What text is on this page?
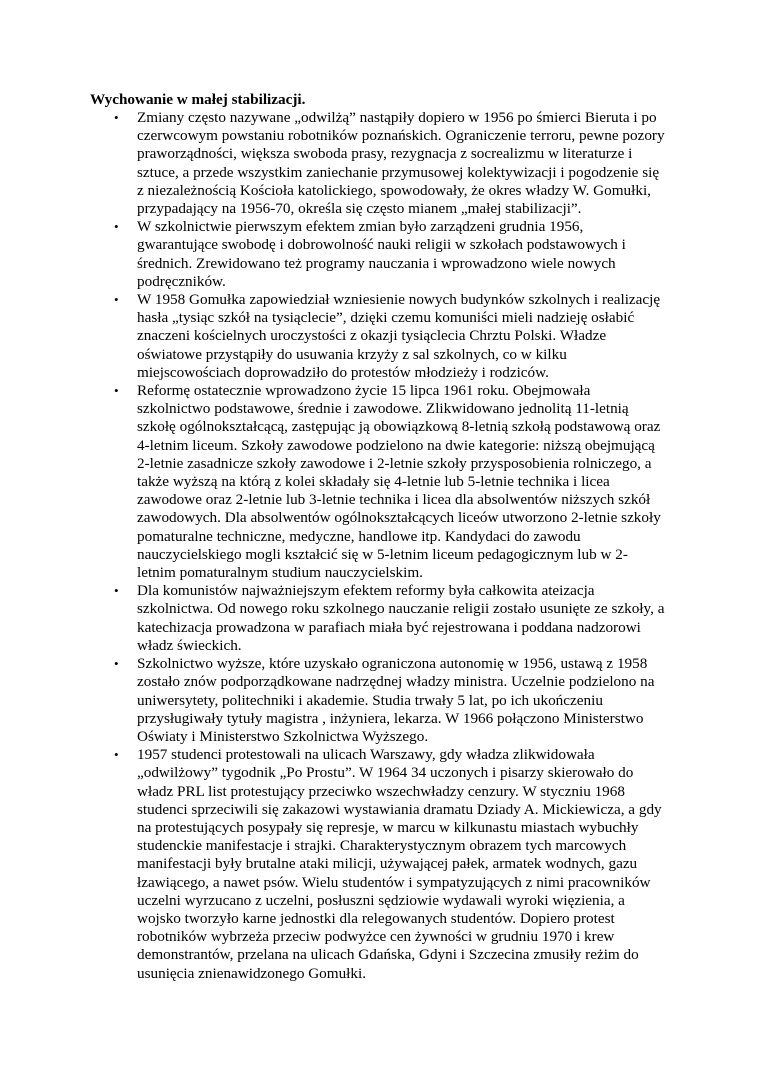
Wychowanie w małej stabilizacji.
• Zmiany często nazywane „odwilżą” nastąpiły dopiero w 1956 po śmierci Bieruta i po
czerwcowym powstaniu robotników poznańskich. Ograniczenie terroru, pewne pozory
praworządności, większa swoboda prasy, rezygnacja z socrealizmu w literaturze i
sztuce, a przede wszystkim zaniechanie przymusowej kolektywizacji i pogodzenie się
z niezależnością Kościoła katolickiego, spowodowały, że okres władzy W. Gomułki,
przypadający na 1956-70, określa się często mianem „małej stabilizacji”.
• W szkolnictwie pierwszym efektem zmian było zarządzeni grudnia 1956,
gwarantujące swobodę i dobrowolność nauki religii w szkołach podstawowych i
średnich. Zrewidowano też programy nauczania i wprowadzono wiele nowych
podręczników.
• W 1958 Gomułka zapowiedział wzniesienie nowych budynków szkolnych i realizację
hasła „tysiąc szkół na tysiąclecie”, dzięki czemu komuniści mieli nadzieję osłabić
znaczeni kościelnych uroczystości z okazji tysiąclecia Chrztu Polski. Władze
oświatowe przystąpiły do usuwania krzyży z sal szkolnych, co w kilku
miejscowościach doprowadziło do protestów młodzieży i rodziców.
• Reformę ostatecznie wprowadzono życie 15 lipca 1961 roku. Obejmowała
szkolnictwo podstawowe, średnie i zawodowe. Zlikwidowano jednolitą 11-letnią
szkołę ogólnokształcącą, zastępując ją obowiązkową 8-letnią szkołą podstawową oraz
4-letnim liceum. Szkoły zawodowe podzielono na dwie kategorie: niższą obejmującą
2-letnie zasadnicze szkoły zawodowe i 2-letnie szkoły przysposobienia rolniczego, a
także wyższą na którą z kolei składały się 4-letnie lub 5-letnie technika i licea
zawodowe oraz 2-letnie lub 3-letnie technika i licea dla absolwentów niższych szkół
zawodowych. Dla absolwentów ogólnokształcących liceów utworzono 2-letnie szkoły
pomaturalne techniczne, medyczne, handlowe itp. Kandydaci do zawodu
nauczycielskiego mogli kształcić się w 5-letnim liceum pedagogicznym lub w 2-
letnim pomaturalnym studium nauczycielskim.
• Dla komunistów najważniejszym efektem reformy była całkowita ateizacja
szkolnictwa. Od nowego roku szkolnego nauczanie religii zostało usunięte ze szkoły, a
katechizacja prowadzona w parafiach miała być rejestrowana i poddana nadzorowi
władz świeckich.
• Szkolnictwo wyższe, które uzyskało ograniczona autonomię w 1956, ustawą z 1958
zostało znów podporządkowane nadrzędnej władzy ministra. Uczelnie podzielono na
uniwersytety, politechniki i akademie. Studia trwały 5 lat, po ich ukończeniu
przysługiwały tytuły magistra , inżyniera, lekarza. W 1966 połączono Ministerstwo
Oświaty i Ministerstwo Szkolnictwa Wyższego.
• 1957 studenci protestowali na ulicach Warszawy, gdy władza zlikwidowała
„odwilżowy” tygodnik „Po Prostu”. W 1964 34 uczonych i pisarzy skierowało do
władz PRL list protestujący przeciwko wszechwładzy cenzury. W styczniu 1968
studenci sprzeciwili się zakazowi wystawiania dramatu Dziady A. Mickiewicza, a gdy
na protestujących posypały się represje, w marcu w kilkunastu miastach wybuchły
studenckie manifestacje i strajki. Charakterystycznym obrazem tych marcowych
manifestacji były brutalne ataki milicji, używającej pałek, armatek wodnych, gazu
łzawiącego, a nawet psów. Wielu studentów i sympatyzujących z nimi pracowników
uczelni wyrzucano z uczelni, posłuszni sędziowie wydawali wyroki więzienia, a
wojsko tworzyło karne jednostki dla relegowanych studentów. Dopiero protest
robotników wybrzeża przeciw podwyżce cen żywności w grudniu 1970 i krew
demonstrantów, przelana na ulicach Gdańska, Gdyni i Szczecina zmusiły reżim do
usunięcia znienawidzonego Gomułki.
